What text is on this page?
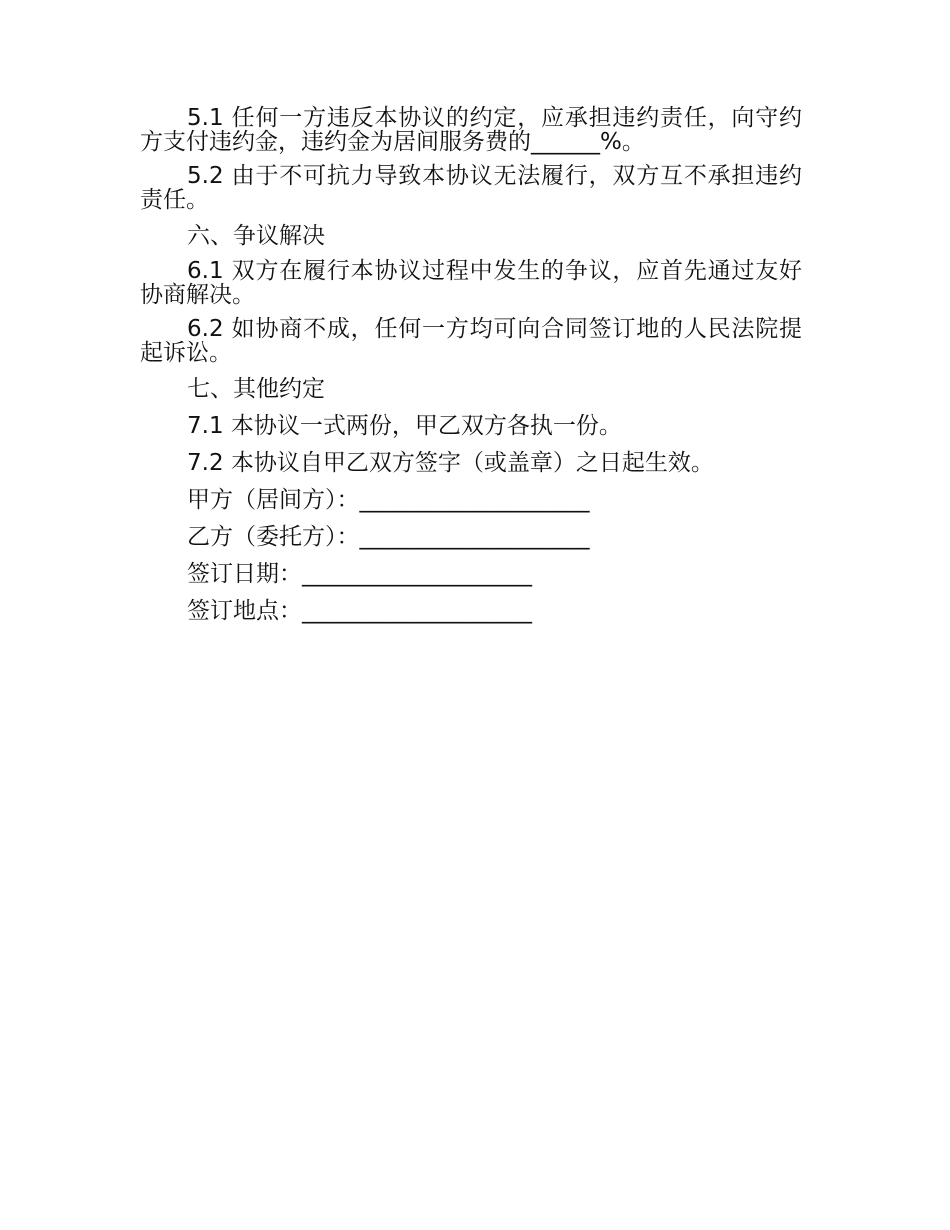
5.1 任何一方违反本协议的约定，应承担违约责任，向守约方支付违约金，违约金为居间服务费的______%。

5.2 由于不可抗力导致本协议无法履行，双方互不承担违约责任。

六、争议解决

6.1 双方在履行本协议过程中发生的争议，应首先通过友好协商解决。

6.2 如协商不成，任何一方均可向合同签订地的人民法院提起诉讼。

七、其他约定
7.1 本协议一式两份，甲乙双方各执一份。
7.2 本协议自甲乙双方签字（或盖章）之日起生效。
甲方（居间方）：____________________
乙方（委托方）：____________________
签订日期：____________________
签订地点：____________________
